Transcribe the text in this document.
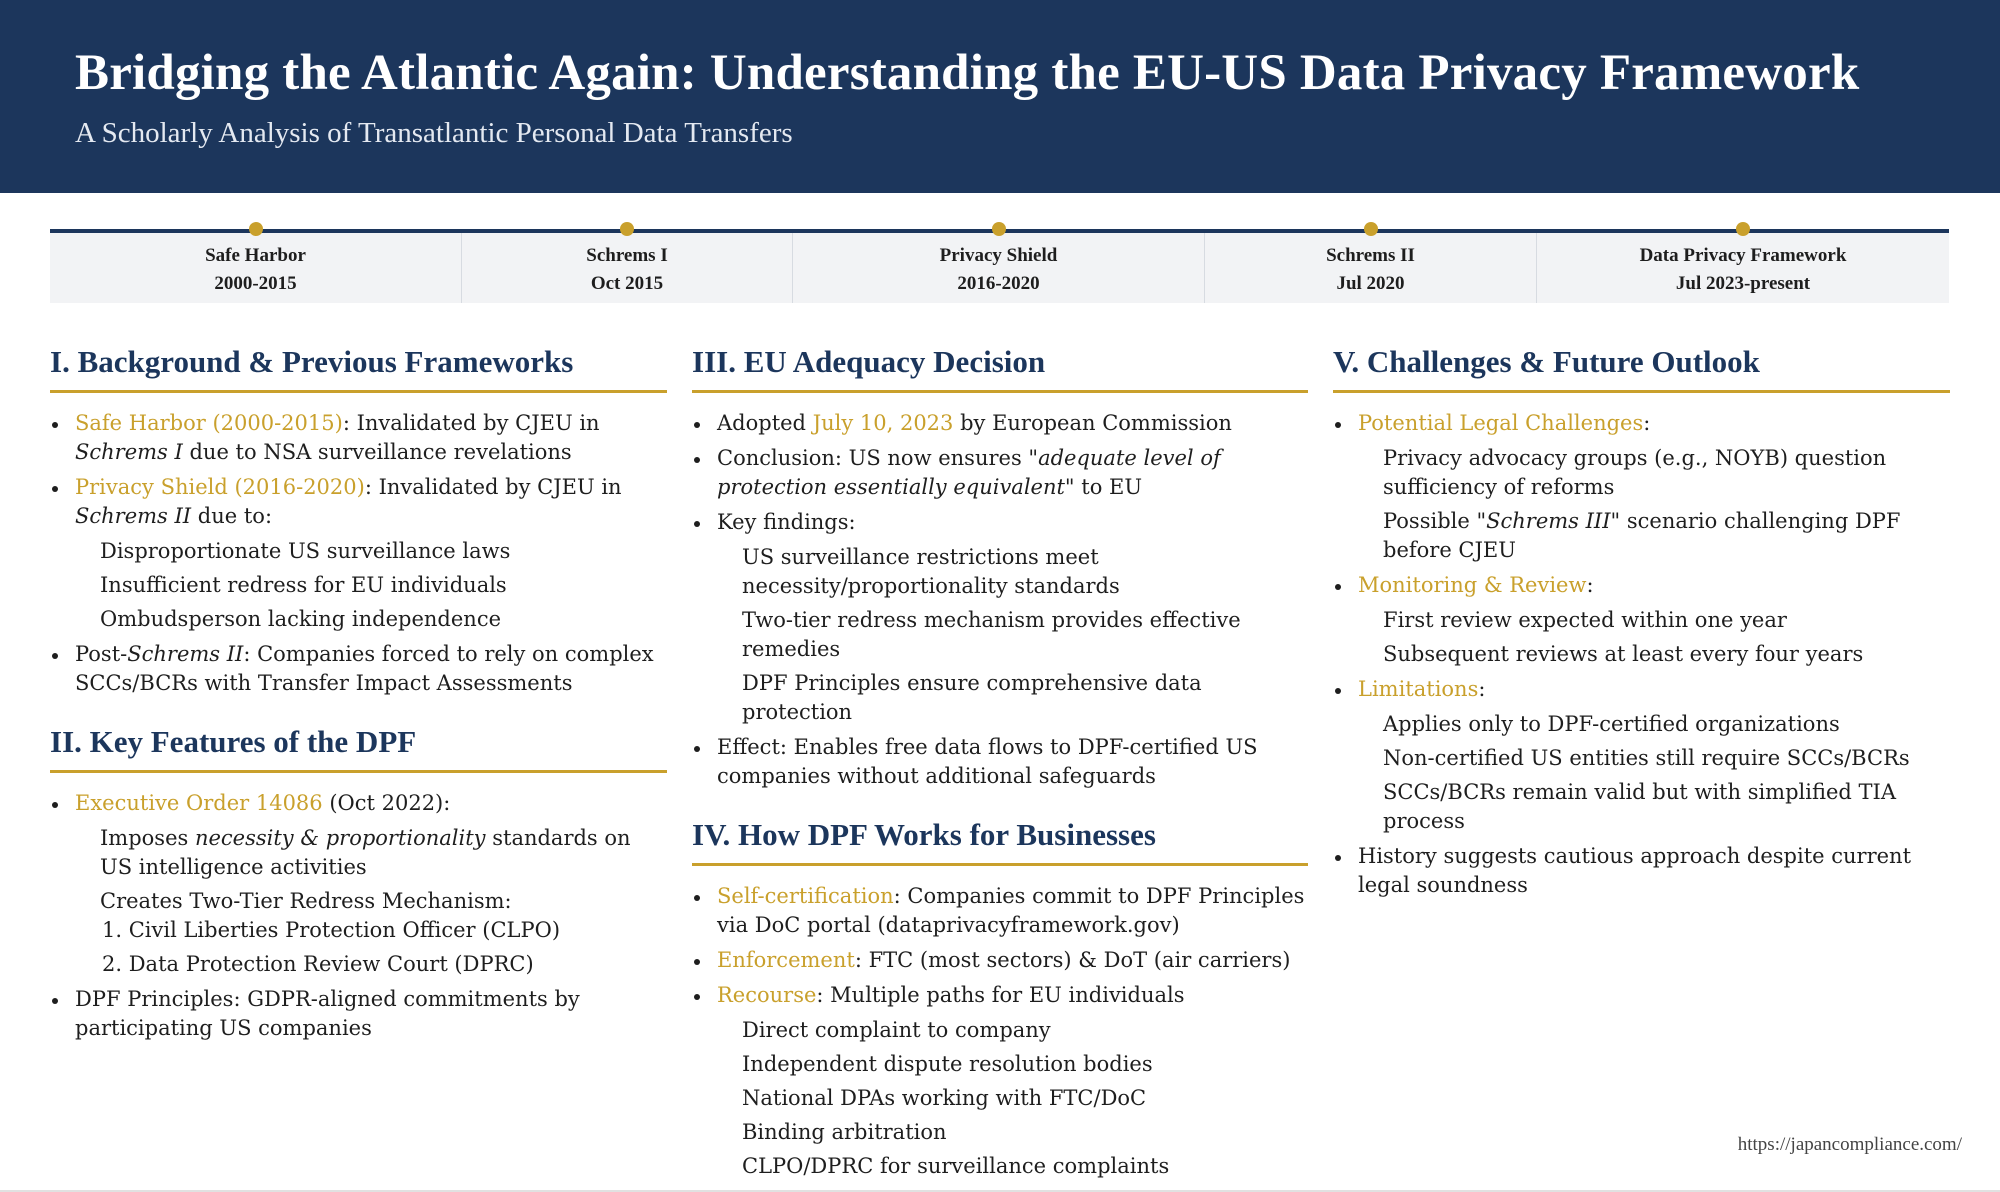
Bridging the Atlantic Again: Understanding the EU-US Data Privacy Framework

A Scholarly Analysis of Transatlantic Personal Data Transfers

Safe Harbor
2000-2015
Schrems I
Oct 2015
Privacy Shield
2016-2020
Schrems II
Jul 2020
Data Privacy Framework
Jul 2023-present
I. Background & Previous Frameworks
Safe Harbor (2000-2015): Invalidated by CJEU in Schrems I due to NSA surveillance revelations
Privacy Shield (2016-2020): Invalidated by CJEU in Schrems II due to:
Disproportionate US surveillance laws
Insufficient redress for EU individuals
Ombudsperson lacking independence
Post-Schrems II: Companies forced to rely on complex SCCs/BCRs with Transfer Impact Assessments
II. Key Features of the DPF
Executive Order 14086 (Oct 2022):
Imposes necessity & proportionality standards on US intelligence activities
Creates Two-Tier Redress Mechanism:
1. Civil Liberties Protection Officer (CLPO)
2. Data Protection Review Court (DPRC)
DPF Principles: GDPR-aligned commitments by participating US companies
III. EU Adequacy Decision
Adopted July 10, 2023 by European Commission
Conclusion: US now ensures "adequate level of protection essentially equivalent" to EU
Key findings:
US surveillance restrictions meet necessity/proportionality standards
Two-tier redress mechanism provides effective remedies
DPF Principles ensure comprehensive data protection
Effect: Enables free data flows to DPF-certified US companies without additional safeguards
IV. How DPF Works for Businesses
Self-certification: Companies commit to DPF Principles via DoC portal (dataprivacyframework.gov)
Enforcement: FTC (most sectors) & DoT (air carriers)
Recourse: Multiple paths for EU individuals
Direct complaint to company
Independent dispute resolution bodies
National DPAs working with FTC/DoC
Binding arbitration
CLPO/DPRC for surveillance complaints
V. Challenges & Future Outlook
Potential Legal Challenges:
Privacy advocacy groups (e.g., NOYB) question sufficiency of reforms
Possible "Schrems III" scenario challenging DPF before CJEU
Monitoring & Review:
First review expected within one year
Subsequent reviews at least every four years
Limitations:
Applies only to DPF-certified organizations
Non-certified US entities still require SCCs/BCRs
SCCs/BCRs remain valid but with simplified TIA process
History suggests cautious approach despite current legal soundness
https://japancompliance.com/
